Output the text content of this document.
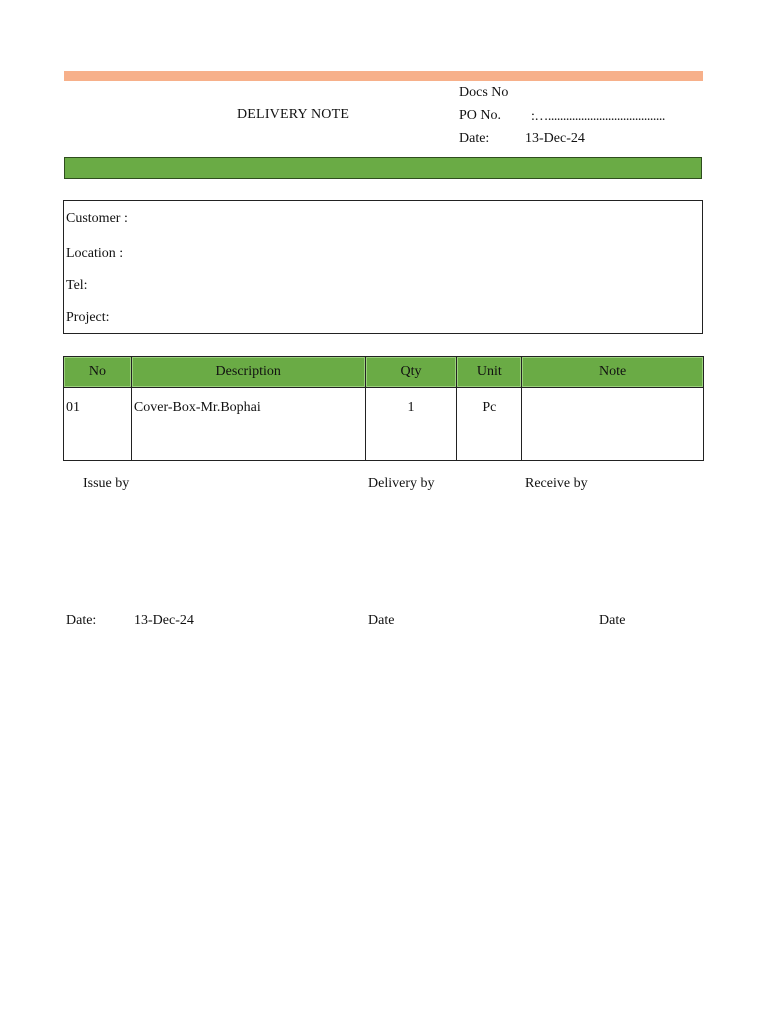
DELIVERY NOTE
Docs No
PO No. :….......................................
Date:	13-Dec-24
Customer :
Location :
Tel:
Project:
No	Description	Qty	Unit	Note
01	Cover-Box-Mr.Bophai	1	Pc	
Issue by	Delivery by	Receive by
Date:	13-Dec-24	Date	Date
